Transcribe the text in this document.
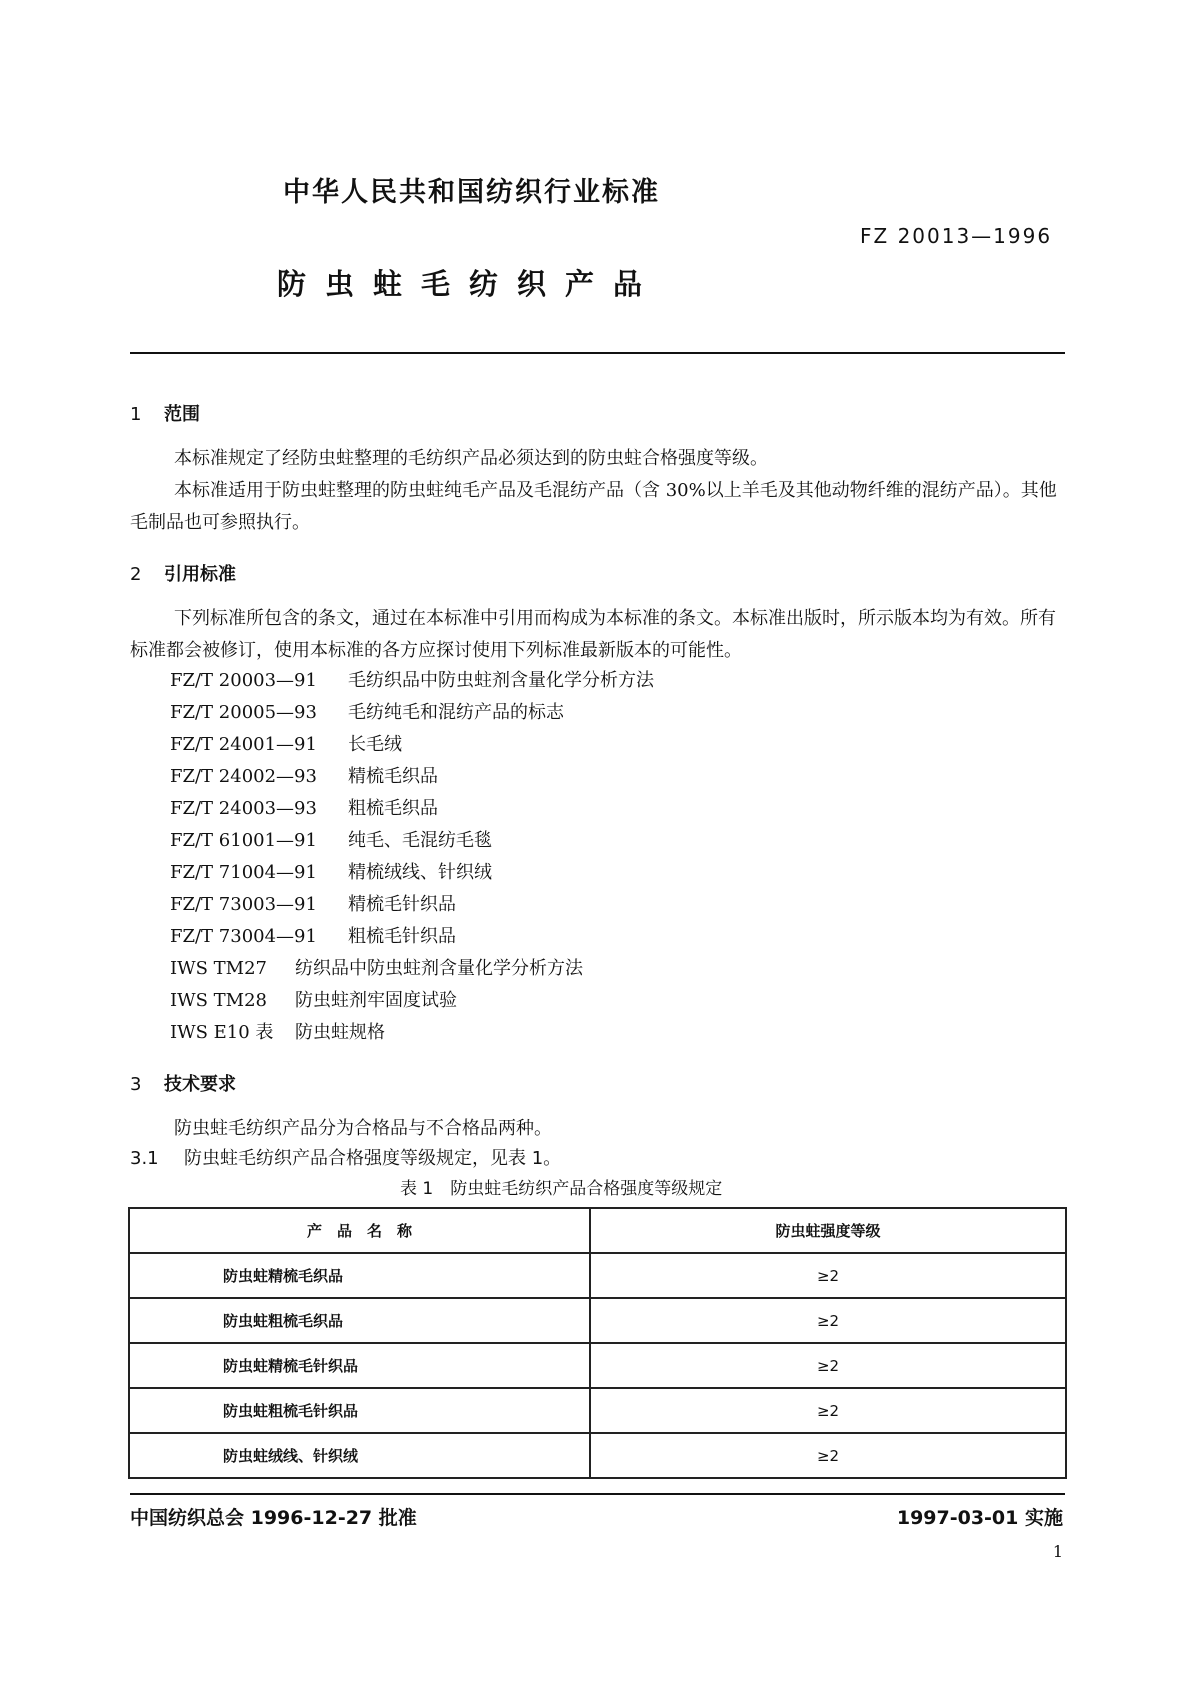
中华人民共和国纺织行业标准
FZ 20013—1996
防虫蛀毛纺织产品
1 范围
本标准规定了经防虫蛀整理的毛纺织产品必须达到的防虫蛀合格强度等级。
本标准适用于防虫蛀整理的防虫蛀纯毛产品及毛混纺产品（含 30%以上羊毛及其他动物纤维的混纺产品）。其他毛制品也可参照执行。
2 引用标准
下列标准所包含的条文，通过在本标准中引用而构成为本标准的条文。本标准出版时，所示版本均为有效。所有标准都会被修订，使用本标准的各方应探讨使用下列标准最新版本的可能性。
FZ/T 20003—91	毛纺织品中防虫蛀剂含量化学分析方法
FZ/T 20005—93	毛纺纯毛和混纺产品的标志
FZ/T 24001—91	长毛绒
FZ/T 24002—93	精梳毛织品
FZ/T 24003—93	粗梳毛织品
FZ/T 61001—91	纯毛、毛混纺毛毯
FZ/T 71004—91	精梳绒线、针织绒
FZ/T 73003—91	精梳毛针织品
FZ/T 73004—91	粗梳毛针织品
IWS TM27	纺织品中防虫蛀剂含量化学分析方法
IWS TM28	防虫蛀剂牢固度试验
IWS E10 表	防虫蛀规格
3 技术要求
防虫蛀毛纺织产品分为合格品与不合格品两种。
3.1 防虫蛀毛纺织产品合格强度等级规定，见表 1。
表 1　防虫蛀毛纺织产品合格强度等级规定
产　品　名　称	防虫蛀强度等级
防虫蛀精梳毛织品	≥2
防虫蛀粗梳毛织品	≥2
防虫蛀精梳毛针织品	≥2
防虫蛀粗梳毛针织品	≥2
防虫蛀绒线、针织绒	≥2
中国纺织总会 1996-12-27 批准	1997-03-01 实施
1
